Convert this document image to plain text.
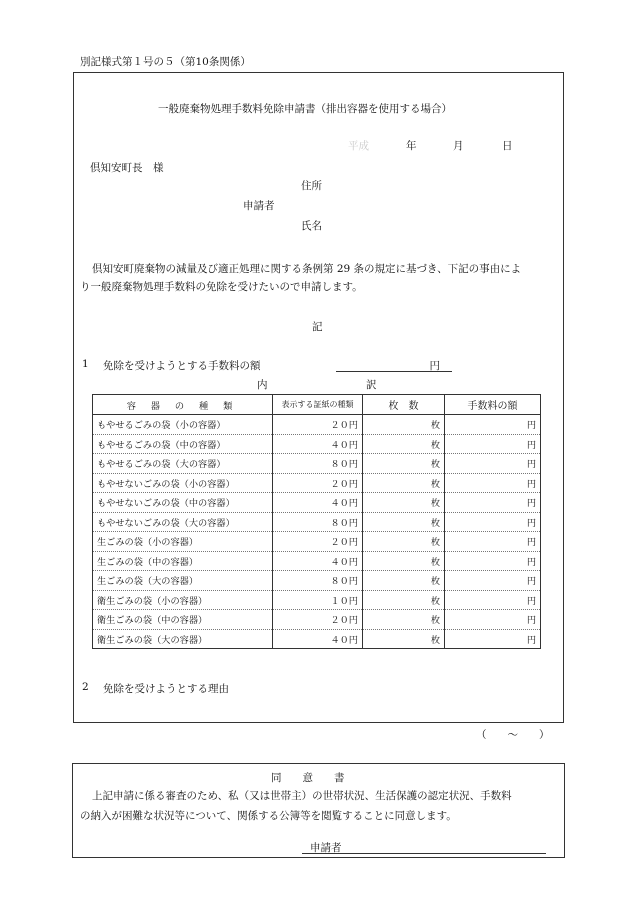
別記様式第１号の５（第10条関係）
一般廃棄物処理手数料免除申請書（排出容器を使用する場合）
平成	年	月	日
倶知安町長　様
住所
申請者
氏名
倶知安町廃棄物の減量及び適正処理に関する条例第 29 条の規定に基づき、下記の事由によ
り一般廃棄物処理手数料の免除を受けたいので申請します。
記
1 免除を受けようとする手数料の額	円
内	訳
容 器 の 種 類	表示する証紙の種類	枚　数	手数料の額
もやせるごみの袋（小の容器）	２０円	枚	円
もやせるごみの袋（中の容器）	４０円	枚	円
もやせるごみの袋（大の容器）	８０円	枚	円
もやせないごみの袋（小の容器）	２０円	枚	円
もやせないごみの袋（中の容器）	４０円	枚	円
もやせないごみの袋（大の容器）	８０円	枚	円
生ごみの袋（小の容器）	２０円	枚	円
生ごみの袋（中の容器）	４０円	枚	円
生ごみの袋（大の容器）	８０円	枚	円
衛生ごみの袋（小の容器）	１０円	枚	円
衛生ごみの袋（中の容器）	２０円	枚	円
衛生ごみの袋（大の容器）	４０円	枚	円
2 免除を受けようとする理由
（　　～　　）
同　　意　　書
上記申請に係る審査のため、私（又は世帯主）の世帯状況、生活保護の認定状況、手数料
の納入が困難な状況等について、関係する公簿等を閲覧することに同意します。
申請者
